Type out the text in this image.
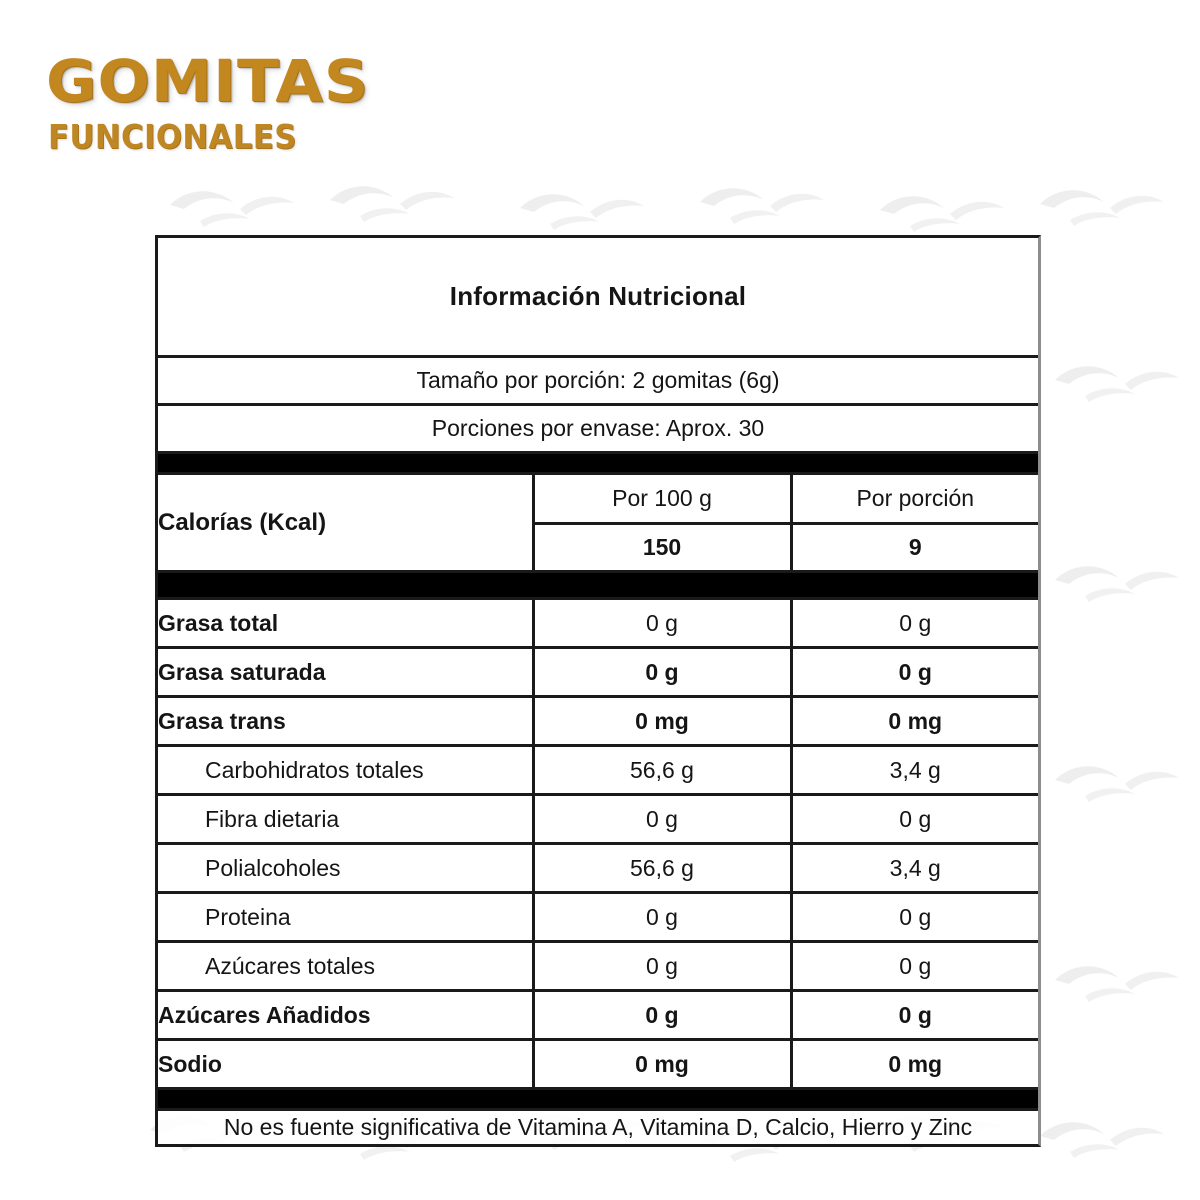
GOMITAS
FUNCIONALES
Información Nutricional		
Tamaño por porción: 2 gomitas (6g)		
Porciones por envase: Aprox. 30		

Calorías (Kcal)	Por 100 g	Por porción
	150	9

Grasa total	0 g	0 g
Grasa saturada	0 g	0 g
Grasa trans	0 mg	0 mg
Carbohidratos totales	56,6 g	3,4 g
Fibra dietaria	0 g	0 g
Polialcoholes	56,6 g	3,4 g
Proteina	0 g	0 g
Azúcares totales	0 g	0 g
Azúcares Añadidos	0 g	0 g
Sodio	0 mg	0 mg

No es fuente significativa de Vitamina A, Vitamina D, Calcio, Hierro y Zinc		
